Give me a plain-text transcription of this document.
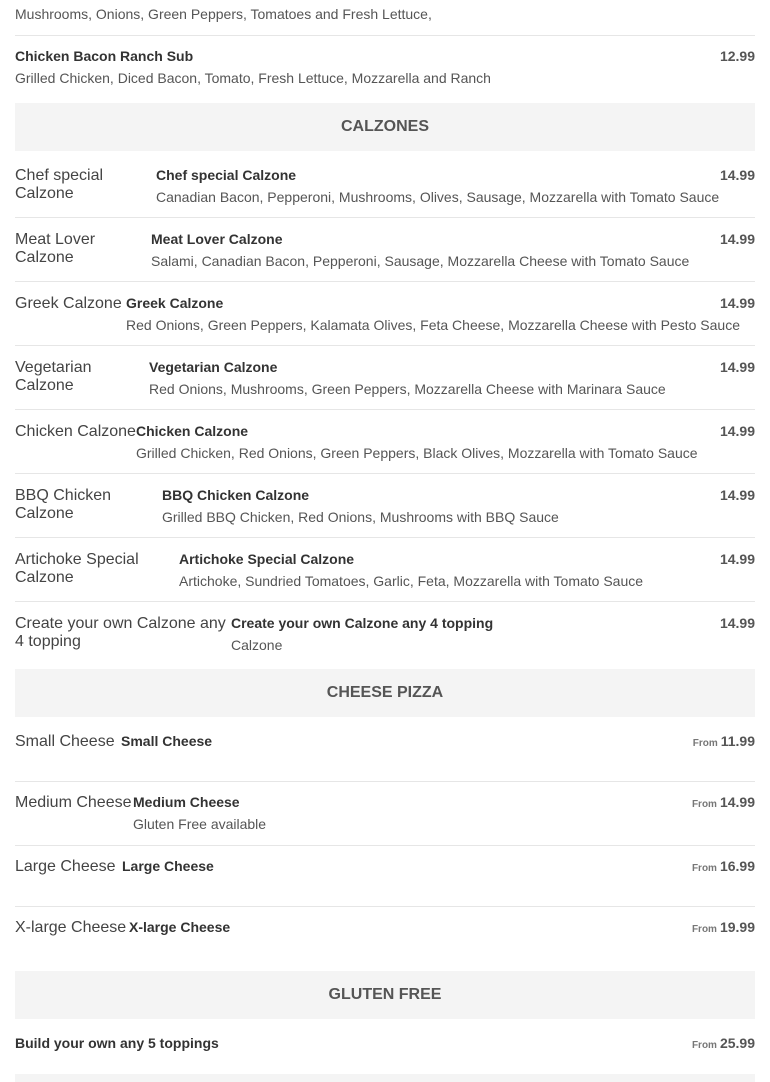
Mushrooms, Onions, Green Peppers, Tomatoes and Fresh Lettuce,
Chicken Bacon Ranch Sub	12.99
Grilled Chicken, Diced Bacon, Tomato, Fresh Lettuce, Mozzarella and Ranch
CALZONES
Chef special Calzone
Chef special Calzone	14.99
Canadian Bacon, Pepperoni, Mushrooms, Olives, Sausage, Mozzarella with Tomato Sauce
Meat Lover Calzone
Meat Lover Calzone	14.99
Salami, Canadian Bacon, Pepperoni, Sausage, Mozzarella Cheese with Tomato Sauce
Greek Calzone Greek Calzone	14.99
Red Onions, Green Peppers, Kalamata Olives, Feta Cheese, Mozzarella Cheese with Pesto Sauce
Vegetarian Calzone
Vegetarian Calzone	14.99
Red Onions, Mushrooms, Green Peppers, Mozzarella Cheese with Marinara Sauce
Chicken Calzone Chicken Calzone	14.99
Grilled Chicken, Red Onions, Green Peppers, Black Olives, Mozzarella with Tomato Sauce
BBQ Chicken Calzone
BBQ Chicken Calzone	14.99
Grilled BBQ Chicken, Red Onions, Mushrooms with BBQ Sauce
Artichoke Special Calzone
Artichoke Special Calzone	14.99
Artichoke, Sundried Tomatoes, Garlic, Feta, Mozzarella with Tomato Sauce
Create your own Calzone any 4 topping
Create your own Calzone any 4 topping	14.99
Calzone
CHEESE PIZZA
Small Cheese Small Cheese	From 11.99
Medium Cheese Medium Cheese	From 14.99
Gluten Free available
Large Cheese Large Cheese	From 16.99
X-large Cheese X-large Cheese	From 19.99
GLUTEN FREE
Build your own any 5 toppings	From 25.99
